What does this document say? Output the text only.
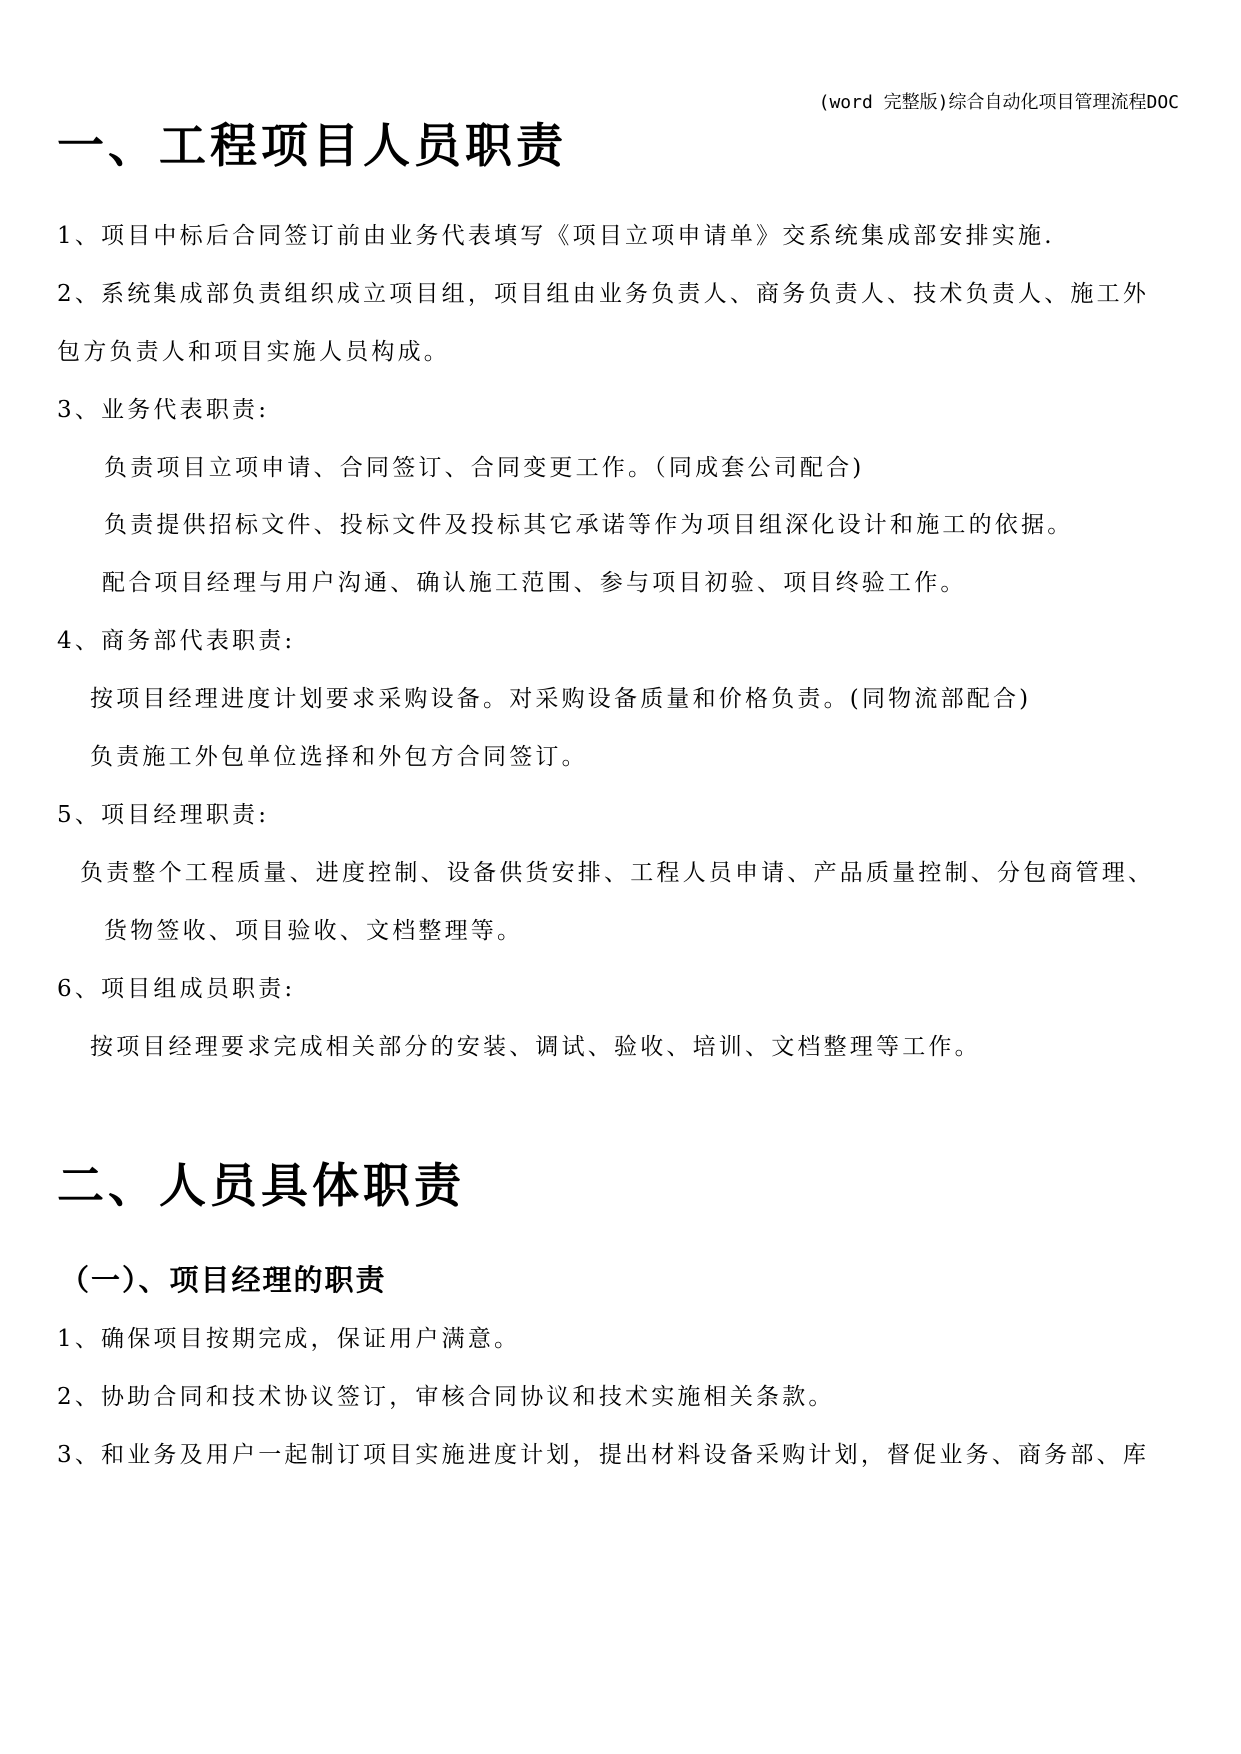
(word 完整版)综合自动化项目管理流程DOC
一、工程项目人员职责
1、项目中标后合同签订前由业务代表填写《项目立项申请单》交系统集成部安排实施.
2、系统集成部负责组织成立项目组，项目组由业务负责人、商务负责人、技术负责人、施工外
包方负责人和项目实施人员构成。
3、业务代表职责:
负责项目立项申请、合同签订、合同变更工作。（同成套公司配合)
负责提供招标文件、投标文件及投标其它承诺等作为项目组深化设计和施工的依据。
配合项目经理与用户沟通、确认施工范围、参与项目初验、项目终验工作。
4、商务部代表职责:
按项目经理进度计划要求采购设备。对采购设备质量和价格负责。(同物流部配合)
负责施工外包单位选择和外包方合同签订。
5、项目经理职责:
负责整个工程质量、进度控制、设备供货安排、工程人员申请、产品质量控制、分包商管理、
货物签收、项目验收、文档整理等。
6、项目组成员职责:
按项目经理要求完成相关部分的安装、调试、验收、培训、文档整理等工作。
二、人员具体职责
（一）、项目经理的职责
1、确保项目按期完成，保证用户满意。
2、协助合同和技术协议签订，审核合同协议和技术实施相关条款。
3、和业务及用户一起制订项目实施进度计划，提出材料设备采购计划，督促业务、商务部、库
